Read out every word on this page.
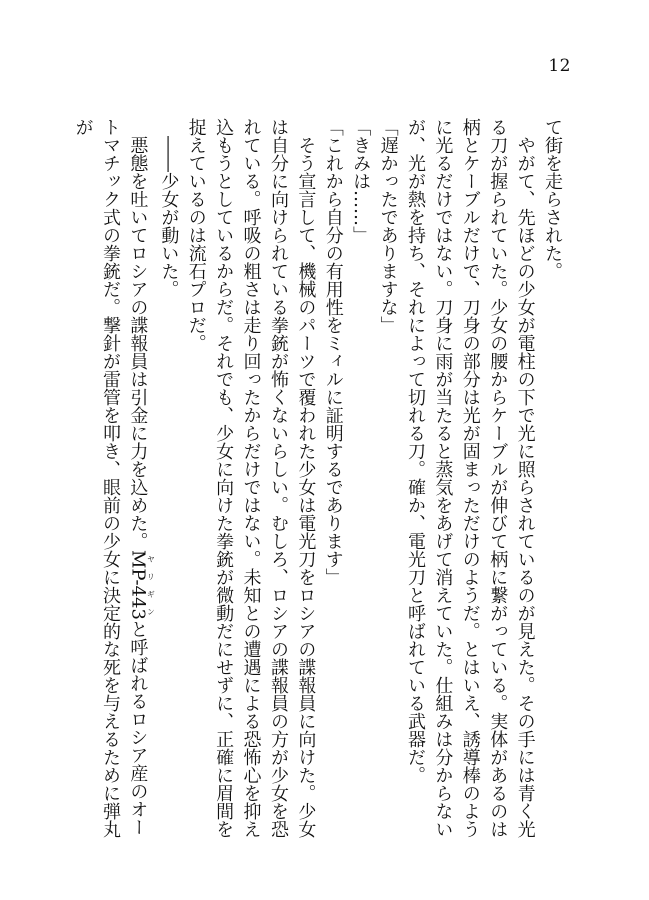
12

て街を走らされた。

やがて、先ほどの少女が電柱の下で光に照らされているのが見えた。その手には青く光る刀が握られていた。少女の腰からケーブルが伸びて柄に繋がっている。実体があるのは柄とケーブルだけで、刀身の部分は光が固まっただけのようだ。とはいえ、誘導棒のように光るだけではない。刀身に雨が当たると蒸気をあげて消えていた。仕組みは分からないが、光が熱を持ち、それによって切れる刀。確か、電光刀と呼ばれている武器だ。

「遅かったでありますな」

「きみは……」

「これから自分の有用性をミィルに証明するであります」

そう宣言して、機械のパーツで覆われた少女は電光刀をロシアの諜報員に向けた。少女は自分に向けられている拳銃が怖くないらしい。むしろ、ロシアの諜報員の方が少女を恐れている。呼吸の粗さは走り回ったからだけではない。未知との遭遇による恐怖心を抑え込もうとしているからだ。それでも、少女に向けた拳銃が微動だにせずに、正確に眉間を捉えているのは流石プロだ。

――少女が動いた。

悪態を吐いてロシアの諜報員は引金に力を込めた。MP-443ヤリギンと呼ばれるロシア産のオートマチック式の拳銃だ。撃針が雷管を叩き、眼前の少女に決定的な死を与えるために弾丸が
